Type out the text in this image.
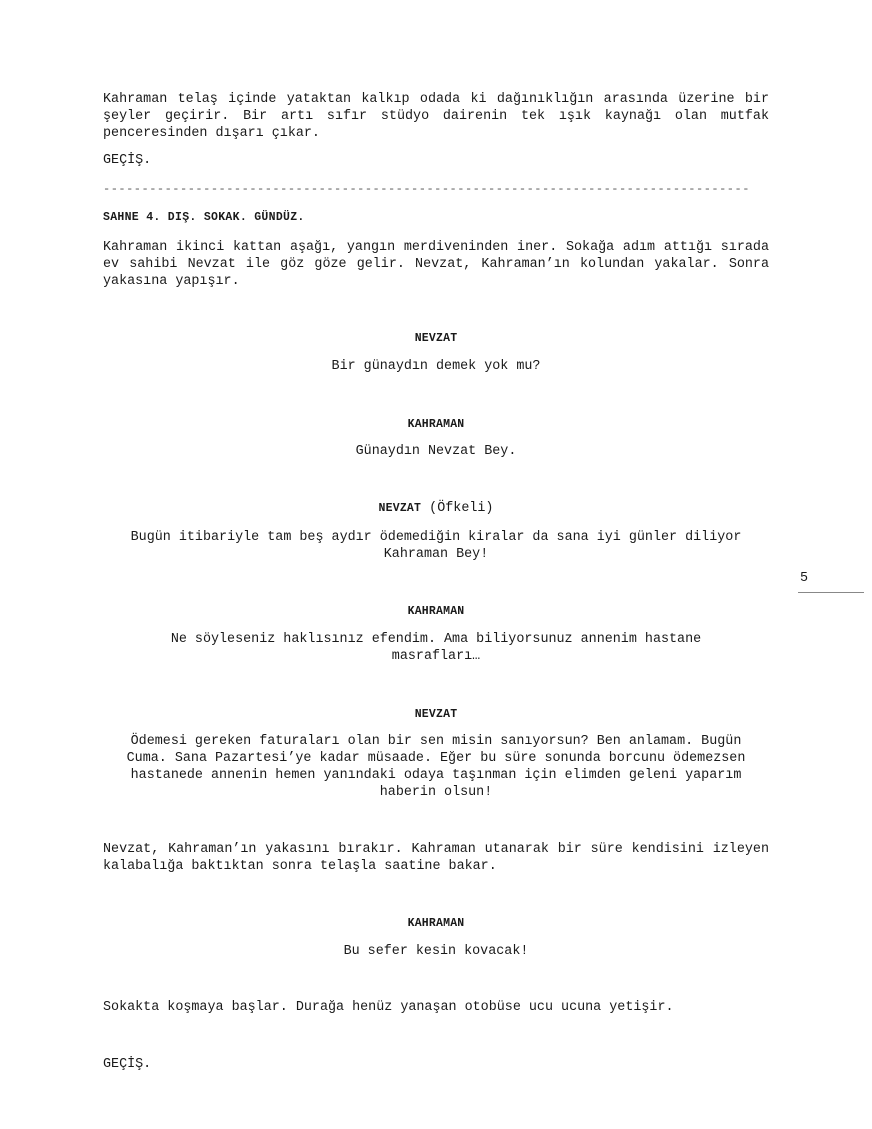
Kahraman telaş içinde yataktan kalkıp odada ki dağınıklığın arasında üzerine bir şeyler geçirir. Bir artı sıfır stüdyo dairenin tek ışık kaynağı olan mutfak penceresinden dışarı çıkar.
GEÇİŞ.
------------------------------------------------------------------------------------
SAHNE 4. DIŞ. SOKAK. GÜNDÜZ.
Kahraman ikinci kattan aşağı, yangın merdiveninden iner. Sokağa adım attığı sırada ev sahibi Nevzat ile göz göze gelir. Nevzat, Kahraman’ın kolundan yakalar. Sonra yakasına yapışır.
NEVZAT
Bir günaydın demek yok mu?
KAHRAMAN
Günaydın Nevzat Bey.
NEVZAT (Öfkeli)
Bugün itibariyle tam beş aydır ödemediğin kiralar da sana iyi günler diliyor
Kahraman Bey!
5
KAHRAMAN
Ne söyleseniz haklısınız efendim. Ama biliyorsunuz annenim hastane
masrafları…
NEVZAT
Ödemesi gereken faturaları olan bir sen misin sanıyorsun? Ben anlamam. Bugün
Cuma. Sana Pazartesi’ye kadar müsaade. Eğer bu süre sonunda borcunu ödemezsen
hastanede annenin hemen yanındaki odaya taşınman için elimden geleni yaparım
haberin olsun!
Nevzat, Kahraman’ın yakasını bırakır. Kahraman utanarak bir süre kendisini izleyen kalabalığa baktıktan sonra telaşla saatine bakar.
KAHRAMAN
Bu sefer kesin kovacak!
Sokakta koşmaya başlar. Durağa henüz yanaşan otobüse ucu ucuna yetişir.
GEÇİŞ.
